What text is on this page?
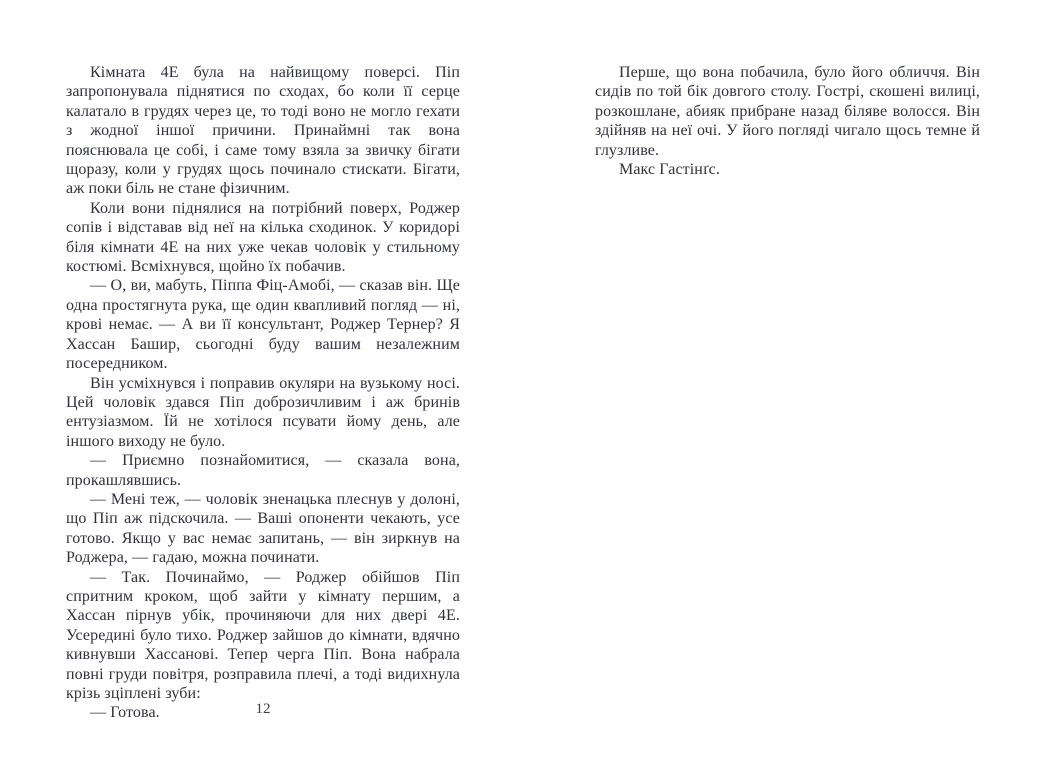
Кімната 4Е була на найвищому поверсі. Піп запропонувала піднятися по сходах, бо коли її серце калатало в грудях через це, то тоді воно не могло гехати з жодної іншої причини. Принаймні так вона пояснювала це собі, і саме тому взяла за звичку бігати щоразу, коли у грудях щось починало стискати. Бігати, аж поки біль не стане фізичним.

Коли вони піднялися на потрібний поверх, Роджер сопів і відставав від неї на кілька сходинок. У коридорі біля кімнати 4Е на них уже чекав чоловік у стильному костюмі. Всміхнувся, щойно їх побачив.

— О, ви, мабуть, Піппа Фіц-Амобі, — сказав він. Ще одна простягнута рука, ще один квапливий погляд — ні, крові немає. — А ви її консультант, Роджер Тернер? Я Хассан Башир, сьогодні буду вашим незалежним посередником.

Він усміхнувся і поправив окуляри на вузькому носі. Цей чоловік здався Піп доброзичливим і аж бринів ентузіазмом. Їй не хотілося псувати йому день, але іншого виходу не було.

— Приємно познайомитися, — сказала вона, прокашлявшись.

— Мені теж, — чоловік зненацька плеснув у долоні, що Піп аж підскочила. — Ваші опоненти чекають, усе готово. Якщо у вас немає запитань, — він зиркнув на Роджера, — гадаю, можна починати.

— Так. Починаймо, — Роджер обійшов Піп спритним кроком, щоб зайти у кімнату першим, а Хассан пірнув убік, прочиняючи для них двері 4Е. Усередині було тихо. Роджер зайшов до кімнати, вдячно кивнувши Хассанові. Тепер черга Піп. Вона набрала повні груди повітря, розправила плечі, а тоді видихнула крізь зціплені зуби:

— Готова.

Перше, що вона побачила, було його обличчя. Він сидів по той бік довгого столу. Гострі, скошені вилиці, розкошлане, абияк прибране назад біляве волосся. Він здійняв на неї очі. У його погляді чигало щось темне й глузливе.

Макс Гастінґс.

12
